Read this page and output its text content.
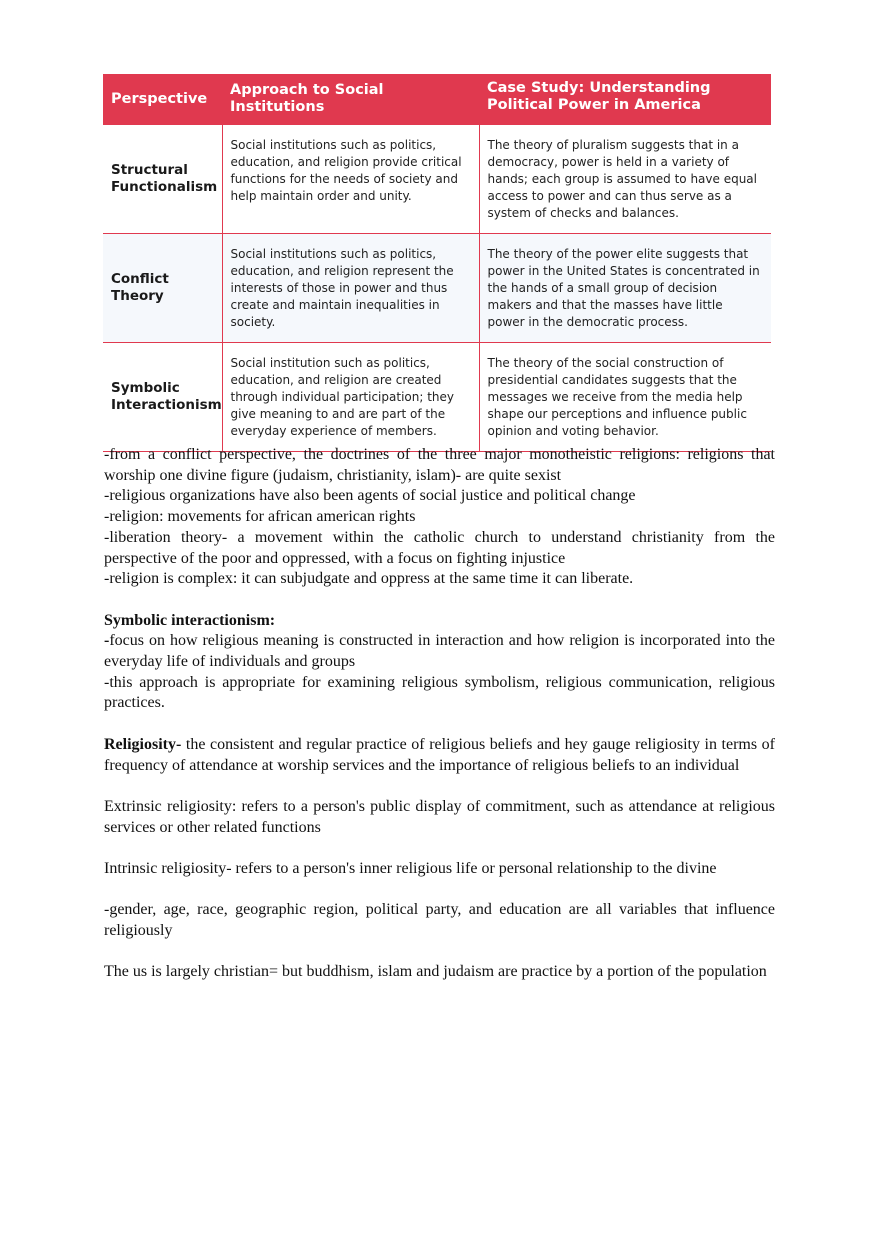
Perspective	Approach to Social Institutions	Case Study: Understanding Political Power in America
Structural Functionalism	Social institutions such as politics, education, and religion provide critical functions for the needs of society and help maintain order and unity.	The theory of pluralism suggests that in a democracy, power is held in a variety of hands; each group is assumed to have equal access to power and can thus serve as a system of checks and balances.
Conflict Theory	Social institutions such as politics, education, and religion represent the interests of those in power and thus create and maintain inequalities in society.	The theory of the power elite suggests that power in the United States is concentrated in the hands of a small group of decision makers and that the masses have little power in the democratic process.
Symbolic Interactionism	Social institution such as politics, education, and religion are created through individual participation; they give meaning to and are part of the everyday experience of members.	The theory of the social construction of presidential candidates suggests that the messages we receive from the media help shape our perceptions and influence public opinion and voting behavior.

-from a conflict perspective, the doctrines of the three major monotheistic religions: religions that worship one divine figure (judaism, christianity, islam)- are quite sexist

-religious organizations have also been agents of social justice and political change

-religion: movements for african american rights

-liberation theory- a movement within the catholic church to understand christianity from the perspective of the poor and oppressed, with a focus on fighting injustice

-religion is complex: it can subjudgate and oppress at the same time it can liberate.

Symbolic interactionism:

-focus on how religious meaning is constructed in interaction and how religion is incorporated into the everyday life of individuals and groups

-this approach is appropriate for examining religious symbolism, religious communication, religious practices.

Religiosity- the consistent and regular practice of religious beliefs and hey gauge religiosity in terms of frequency of attendance at worship services and the importance of religious beliefs to an individual

Extrinsic religiosity: refers to a person's public display of commitment, such as attendance at religious services or other related functions

Intrinsic religiosity- refers to a person's inner religious life or personal relationship to the divine

-gender, age, race, geographic region, political party, and education are all variables that influence religiously

The us is largely christian= but buddhism, islam and judaism are practice by a portion of the population
